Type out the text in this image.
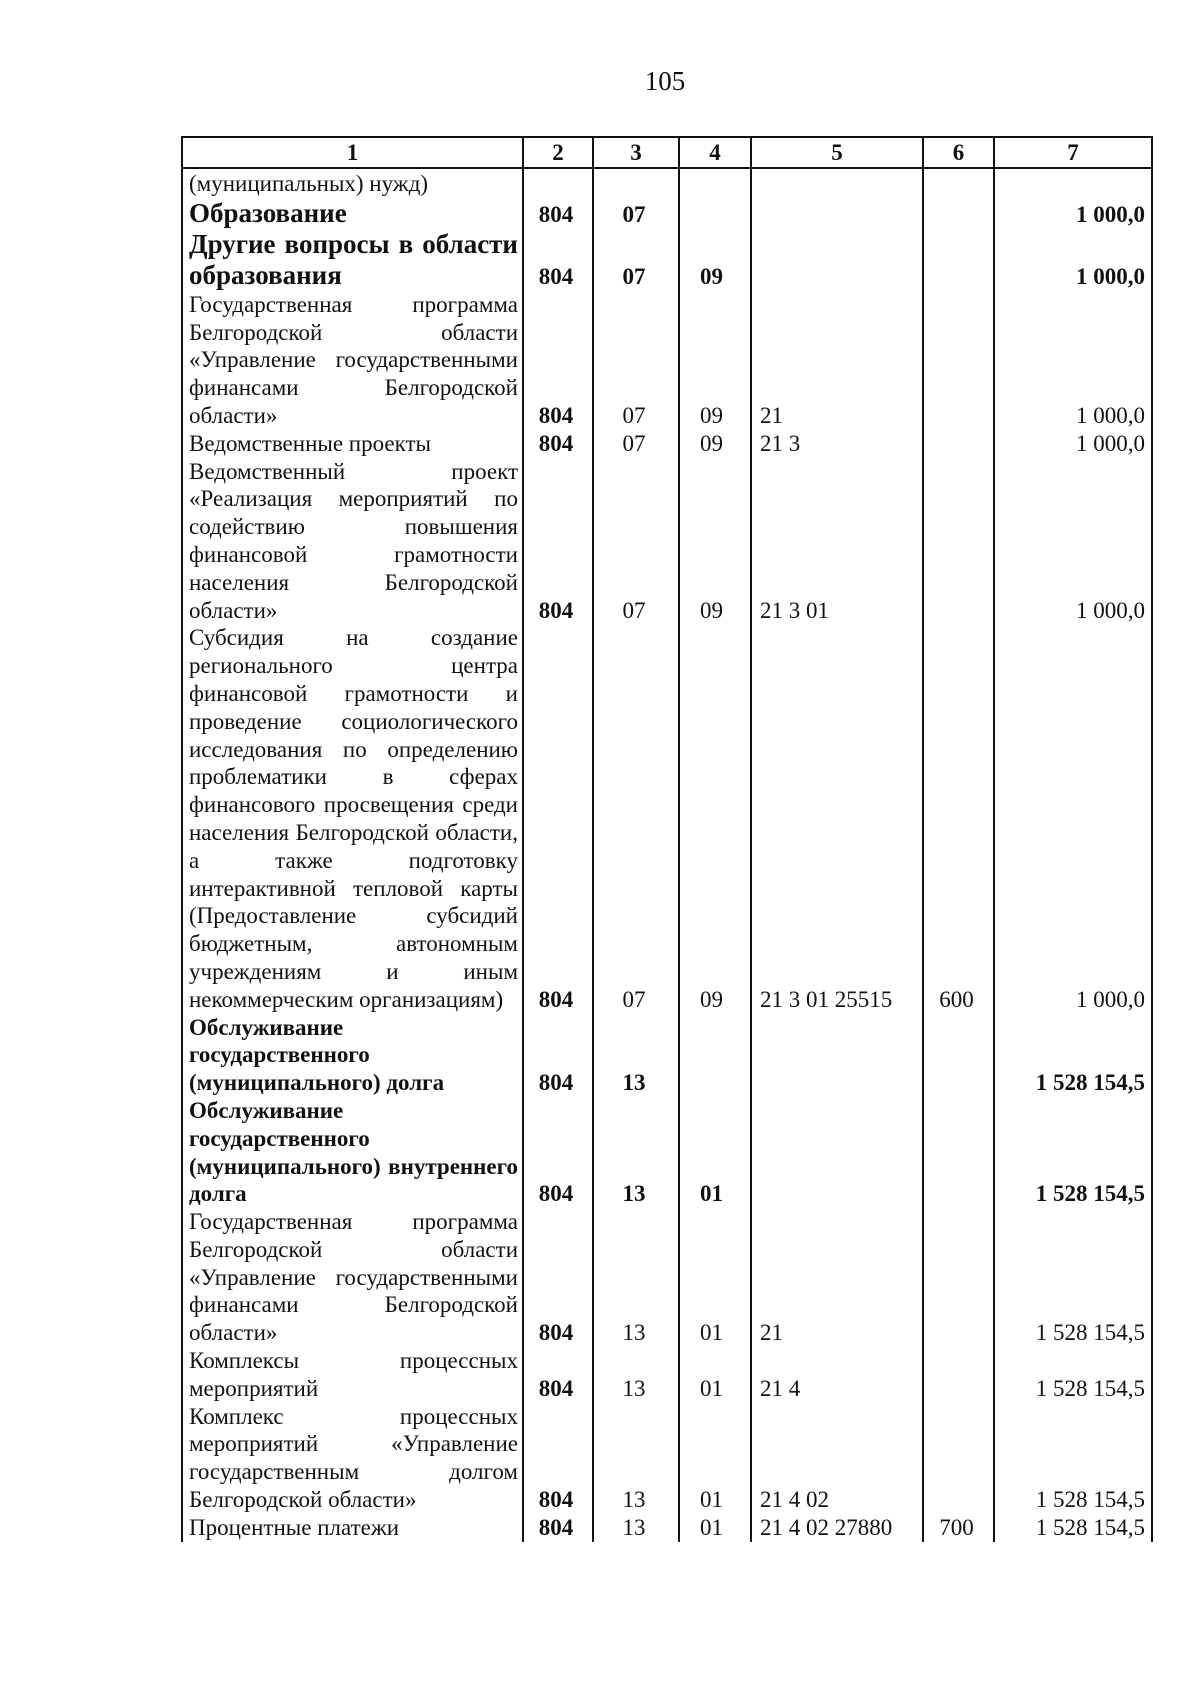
105
1	2	3	4	5	6	7
(муниципальных) нужд)						
Образование	804	07				1 000,0
Другие вопросы в области образования	804	07	09			1 000,0
Государственная программа Белгородской области «Управление государственными финансами Белгородской области»	804	07	09	21		1 000,0
Ведомственные проекты	804	07	09	21 3		1 000,0
Ведомственный проект «Реализация мероприятий по содействию повышения финансовой грамотности населения Белгородской области»	804	07	09	21 3 01		1 000,0
Субсидия на создание регионального центра финансовой грамотности и проведение социологического исследования по определению проблематики в сферах финансового просвещения среди населения Белгородской области, а также подготовку интерактивной тепловой карты (Предоставление субсидий бюджетным, автономным учреждениям и иным некоммерческим организациям)	804	07	09	21 3 01 25515	600	1 000,0
Обслуживание государственного (муниципального) долга	804	13				1 528 154,5
Обслуживание государственного (муниципального) внутреннего долга	804	13	01			1 528 154,5
Государственная программа Белгородской области «Управление государственными финансами Белгородской области»	804	13	01	21		1 528 154,5
Комплексы процессных мероприятий	804	13	01	21 4		1 528 154,5
Комплекс процессных мероприятий «Управление государственным долгом Белгородской области»	804	13	01	21 4 02		1 528 154,5
Процентные платежи	804	13	01	21 4 02 27880	700	1 528 154,5
